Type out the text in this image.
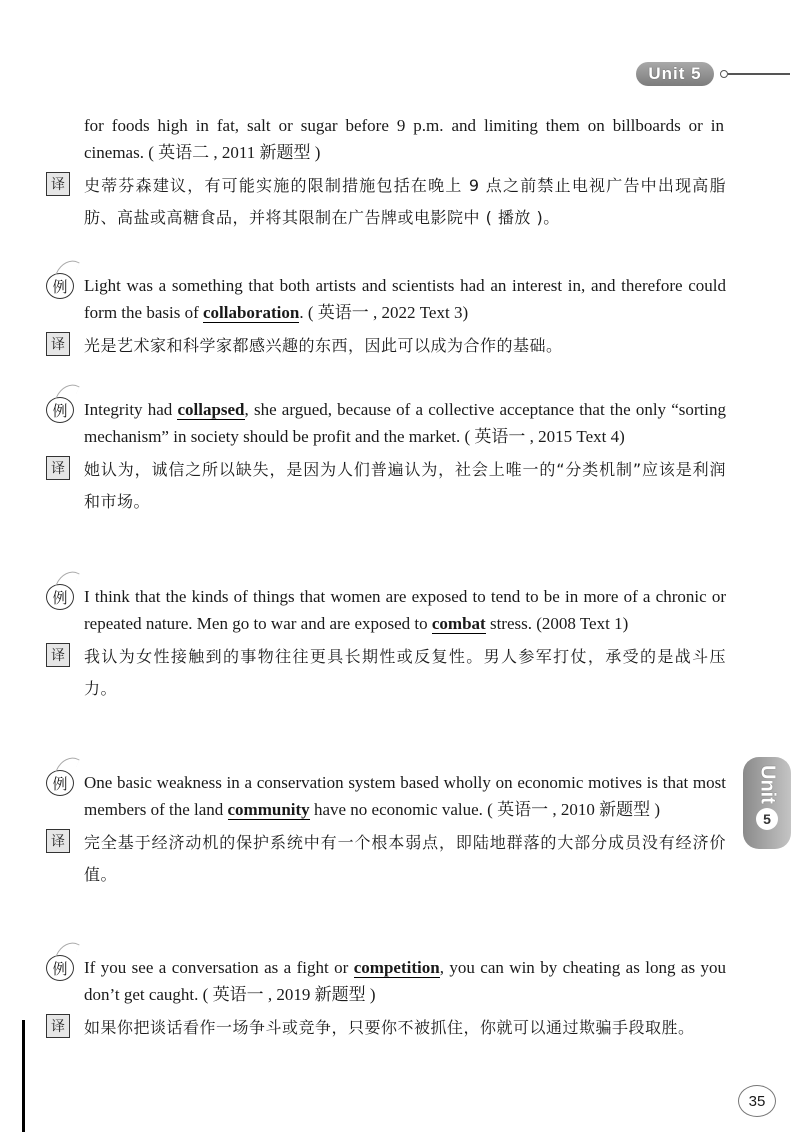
Unit 5
Unit
5
for foods high in fat, salt or sugar before 9 p.m. and limiting them on billboards or in cinemas. ( 英语二 , 2011 新题型 )
译	史蒂芬森建议，有可能实施的限制措施包括在晚上 9 点之前禁止电视广告中出现高脂肪、高盐或高糖食品，并将其限制在广告牌或电影院中 ( 播放 )。
例 Light was a something that both artists and scientists had an interest in, and therefore could form the basis of collaboration. ( 英语一 , 2022 Text 3)
译	光是艺术家和科学家都感兴趣的东西，因此可以成为合作的基础。
例 Integrity had collapsed, she argued, because of a collective acceptance that the only “sorting mechanism” in society should be profit and the market. ( 英语一 , 2015 Text 4)
译	她认为，诚信之所以缺失，是因为人们普遍认为，社会上唯一的“分类机制”应该是利润和市场。
例 I think that the kinds of things that women are exposed to tend to be in more of a chronic or repeated nature. Men go to war and are exposed to combat stress. (2008 Text 1)
译	我认为女性接触到的事物往往更具长期性或反复性。男人参军打仗，承受的是战斗压力。
例 One basic weakness in a conservation system based wholly on economic motives is that most members of the land community have no economic value. ( 英语一 , 2010 新题型 )
译	完全基于经济动机的保护系统中有一个根本弱点，即陆地群落的大部分成员没有经济价值。
例 If you see a conversation as a fight or competition, you can win by cheating as long as you don’t get caught. ( 英语一 , 2019 新题型 )
译	如果你把谈话看作一场争斗或竞争，只要你不被抓住，你就可以通过欺骗手段取胜。
35
